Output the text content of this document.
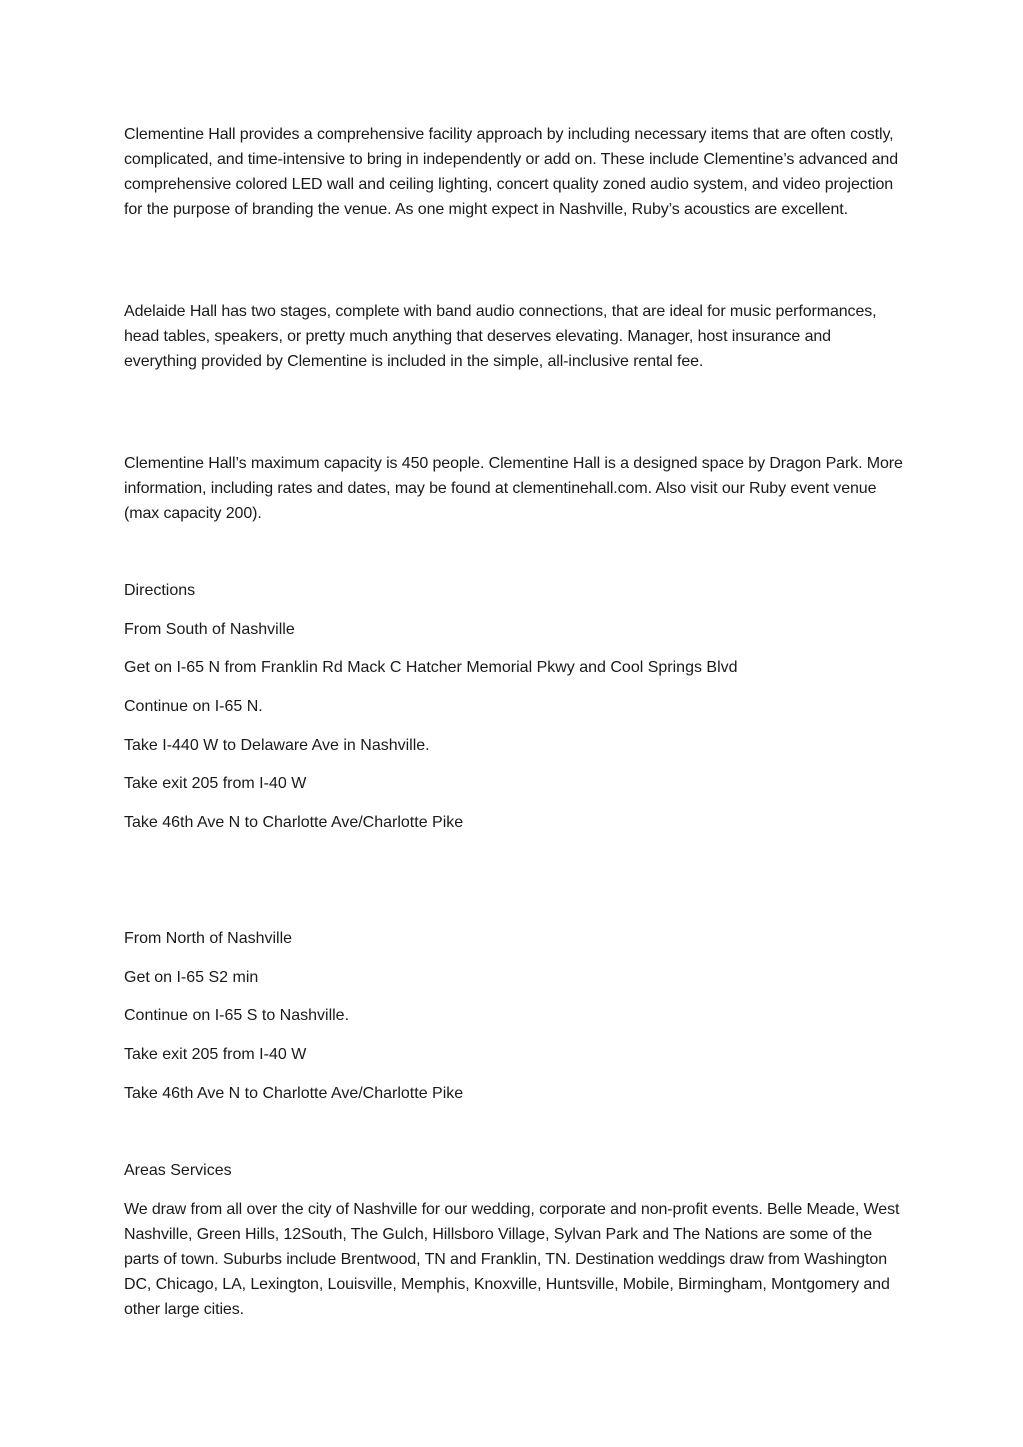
Clementine Hall provides a comprehensive facility approach by including necessary items that are often costly, complicated, and time-intensive to bring in independently or add on. These include Clementine’s advanced and comprehensive colored LED wall and ceiling lighting, concert quality zoned audio system, and video projection for the purpose of branding the venue. As one might expect in Nashville, Ruby’s acoustics are excellent.

Adelaide Hall has two stages, complete with band audio connections, that are ideal for music performances, head tables, speakers, or pretty much anything that deserves elevating. Manager, host insurance and everything provided by Clementine is included in the simple, all-inclusive rental fee.

Clementine Hall’s maximum capacity is 450 people. Clementine Hall is a designed space by Dragon Park. More information, including rates and dates, may be found at clementinehall.com. Also visit our Ruby event venue (max capacity 200).

Directions

From South of Nashville

Get on I-65 N from Franklin Rd Mack C Hatcher Memorial Pkwy and Cool Springs Blvd

Continue on I-65 N.

Take I-440 W to Delaware Ave in Nashville.

Take exit 205 from I-40 W

Take 46th Ave N to Charlotte Ave/Charlotte Pike

From North of Nashville

Get on I-65 S2 min

Continue on I-65 S to Nashville.

Take exit 205 from I-40 W

Take 46th Ave N to Charlotte Ave/Charlotte Pike

Areas Services

We draw from all over the city of Nashville for our wedding, corporate and non-profit events. Belle Meade, West Nashville, Green Hills, 12South, The Gulch, Hillsboro Village, Sylvan Park and The Nations are some of the parts of town. Suburbs include Brentwood, TN and Franklin, TN. Destination weddings draw from Washington DC, Chicago, LA, Lexington, Louisville, Memphis, Knoxville, Huntsville, Mobile, Birmingham, Montgomery and other large cities.
